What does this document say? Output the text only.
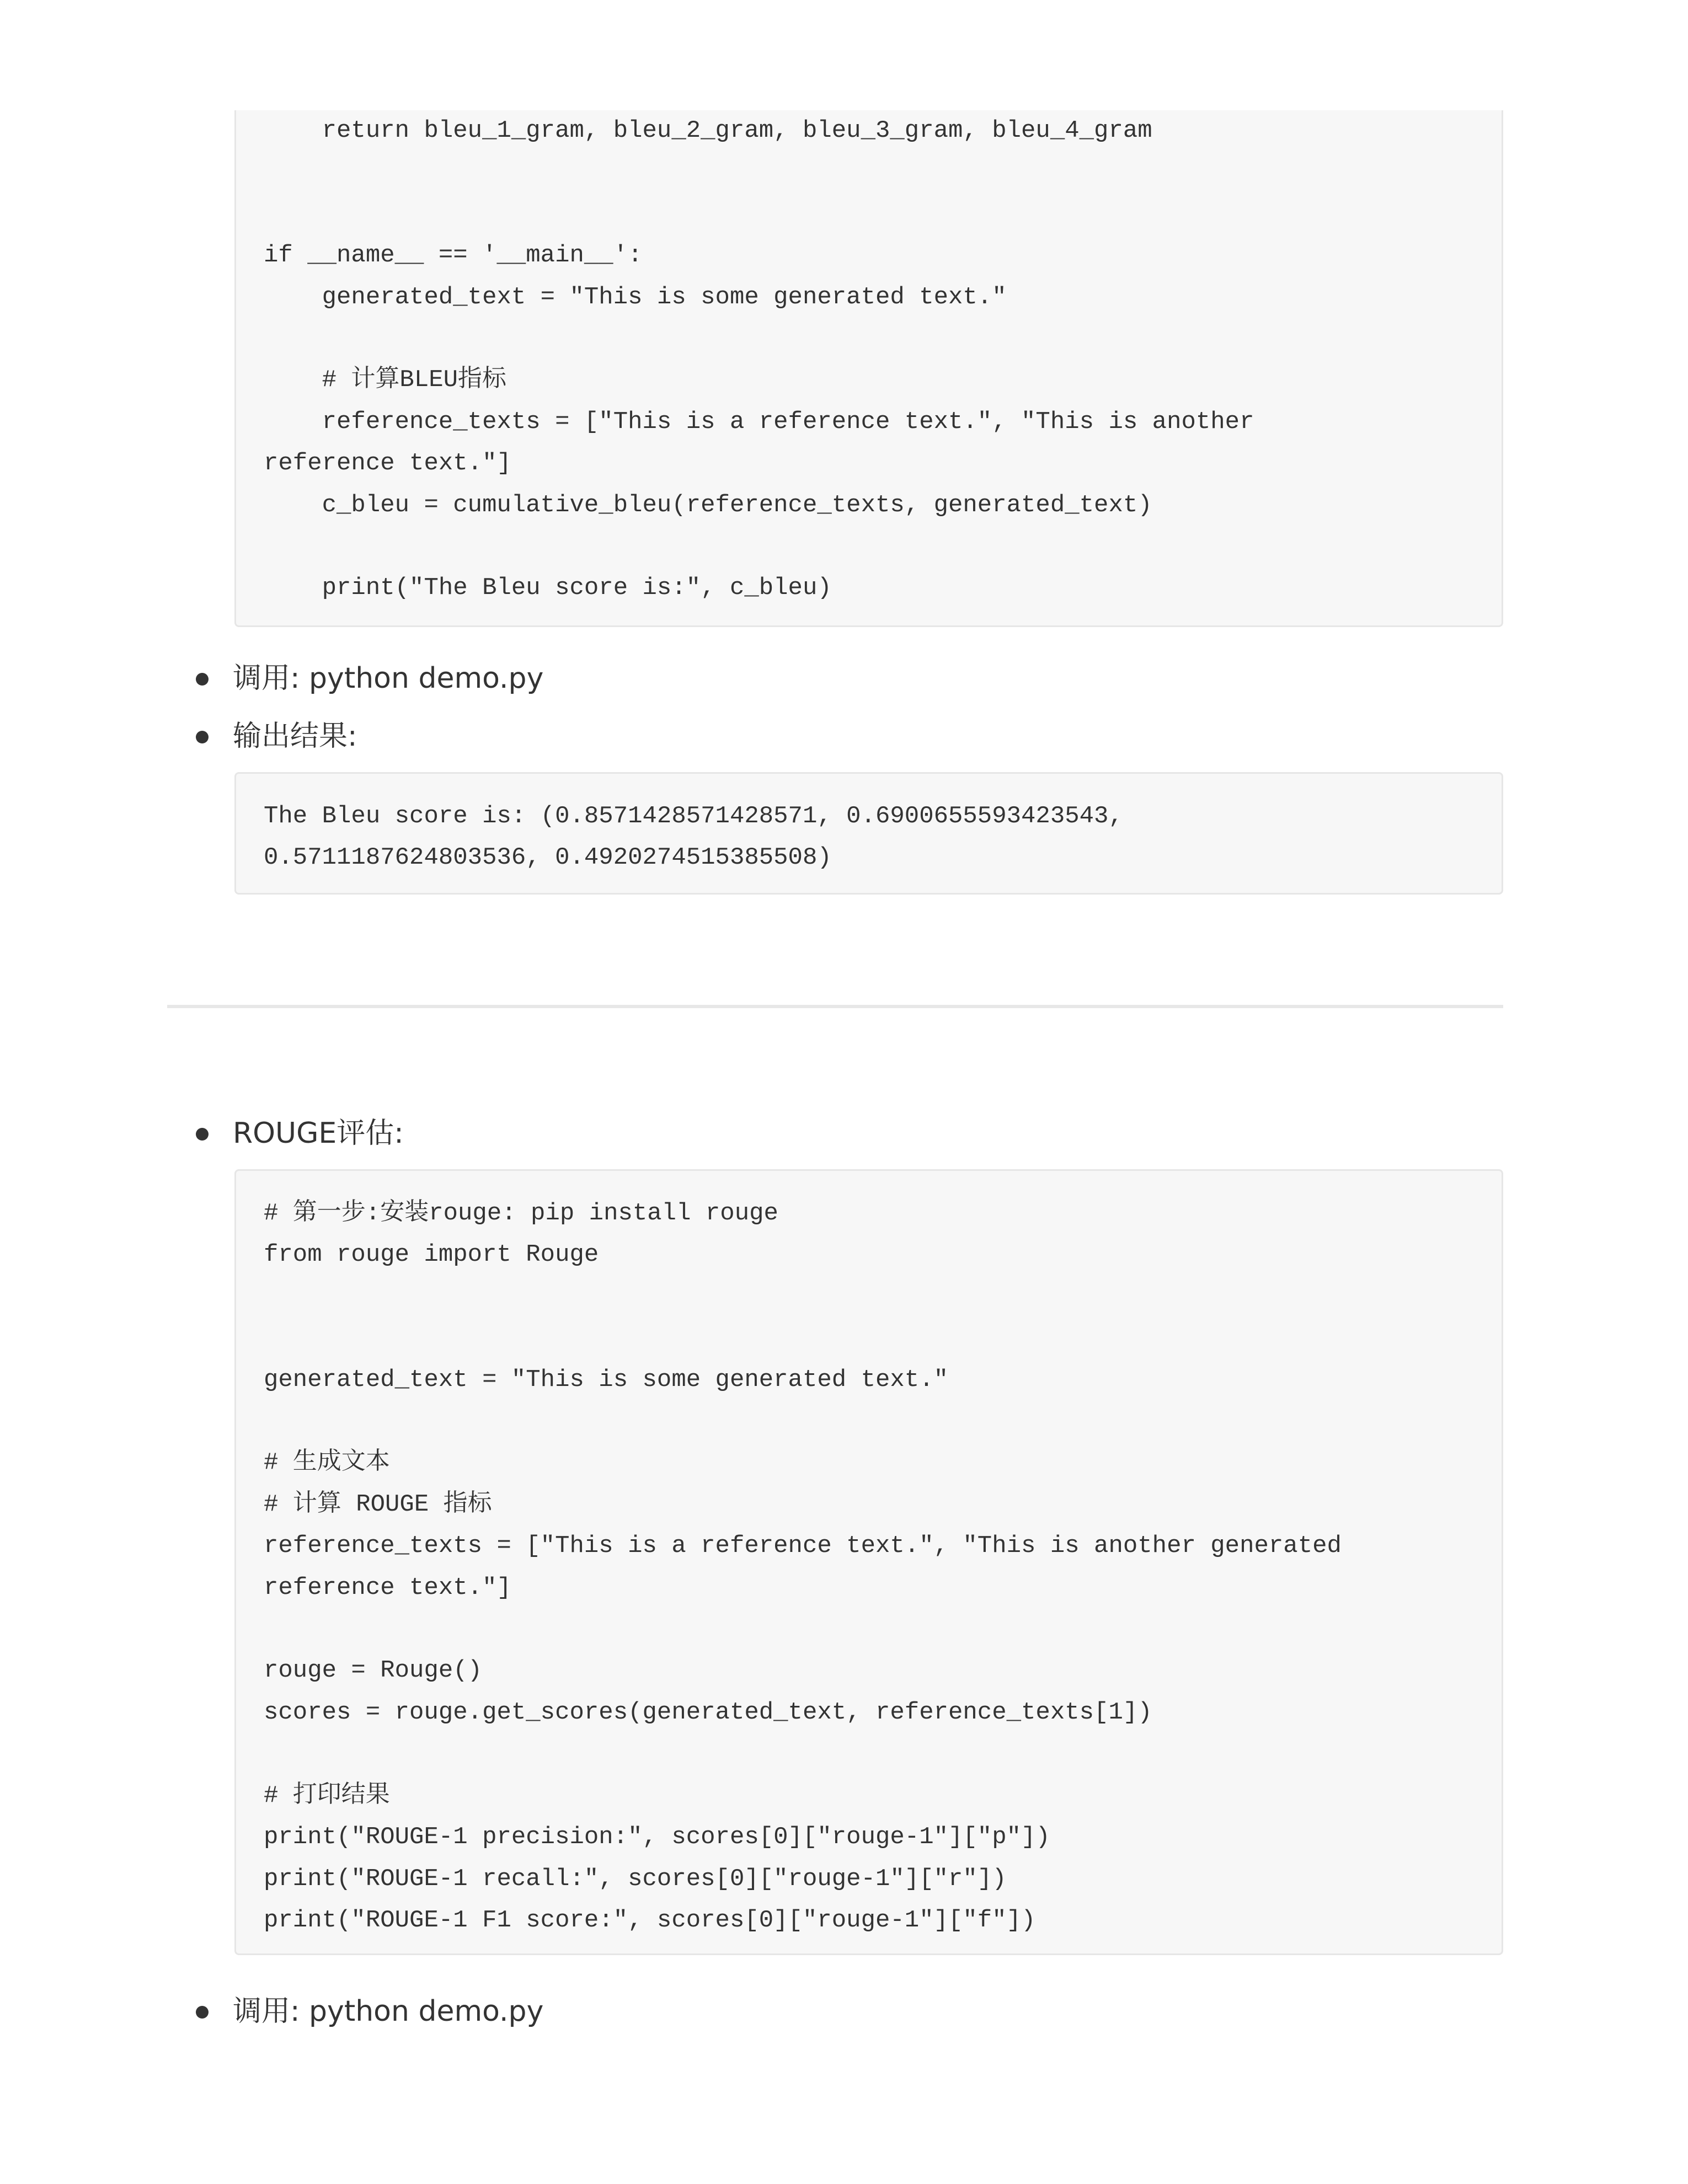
return bleu_1_gram, bleu_2_gram, bleu_3_gram, bleu_4_gram

if __name__ == '__main__':
generated_text = "This is some generated text."

# 计算BLEU指标
reference_texts = ["This is a reference text.", "This is another
reference text."]
c_bleu = cumulative_bleu(reference_texts, generated_text)

print("The Bleu score is:", c_bleu)
调用: python demo.py
输出结果:
The Bleu score is: (0.8571428571428571, 0.6900655593423543,
0.5711187624803536, 0.4920274515385508)
ROUGE评估:
# 第一步:安装rouge: pip install rouge
from rouge import Rouge

generated_text = "This is some generated text."

# 生成文本
# 计算 ROUGE 指标
reference_texts = ["This is a reference text.", "This is another generated
reference text."]

rouge = Rouge()
scores = rouge.get_scores(generated_text, reference_texts[1])

# 打印结果
print("ROUGE-1 precision:", scores[0]["rouge-1"]["p"])
print("ROUGE-1 recall:", scores[0]["rouge-1"]["r"])
print("ROUGE-1 F1 score:", scores[0]["rouge-1"]["f"])
调用: python demo.py
